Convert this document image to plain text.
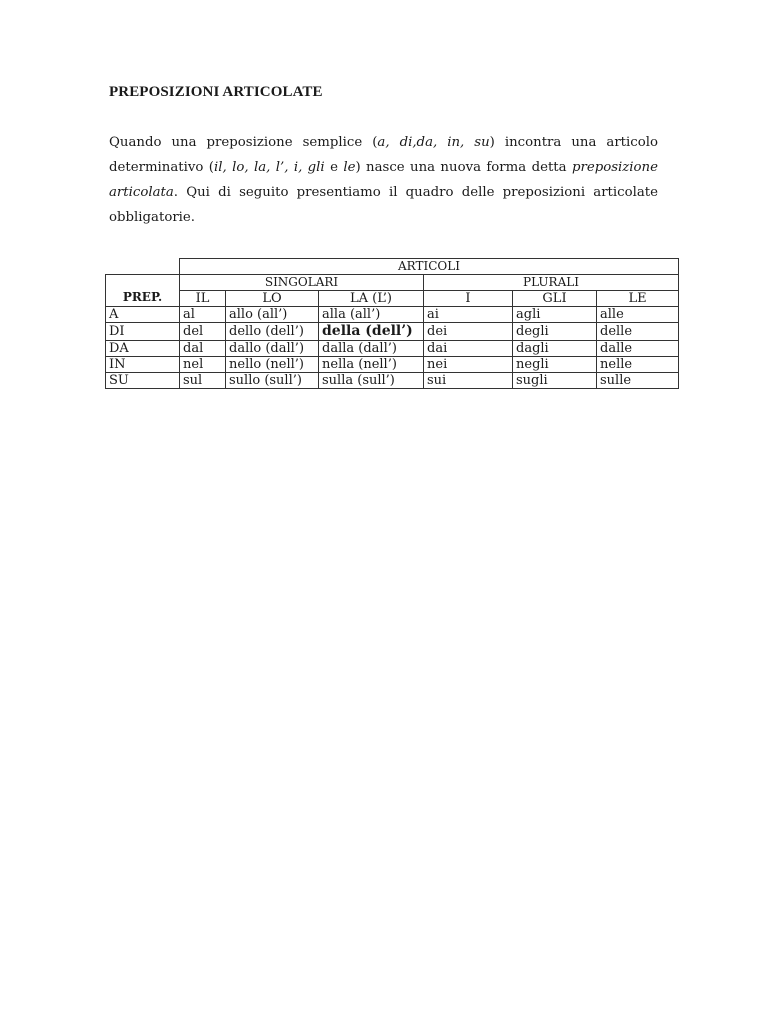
PREPOSIZIONI ARTICOLATE
Quando una preposizione semplice (a, di,da, in, su) incontra una articolo determinativo (il, lo, la, l’, i, gli e le) nasce una nuova forma detta preposizione articolata. Qui di seguito presentiamo il quadro delle preposizioni articolate obbligatorie.
	ARTICOLI					
PREP.	SINGOLARI			PLURALI		
	IL	LO	LA (L’)	I	GLI	LE
A	al	allo (all’)	alla (all’)	ai	agli	alle
DI	del	dello (dell’)	della (dell’)	dei	degli	delle
DA	dal	dallo (dall’)	dalla (dall’)	dai	dagli	dalle
IN	nel	nello (nell’)	nella (nell’)	nei	negli	nelle
SU	sul	sullo (sull’)	sulla (sull’)	sui	sugli	sulle
